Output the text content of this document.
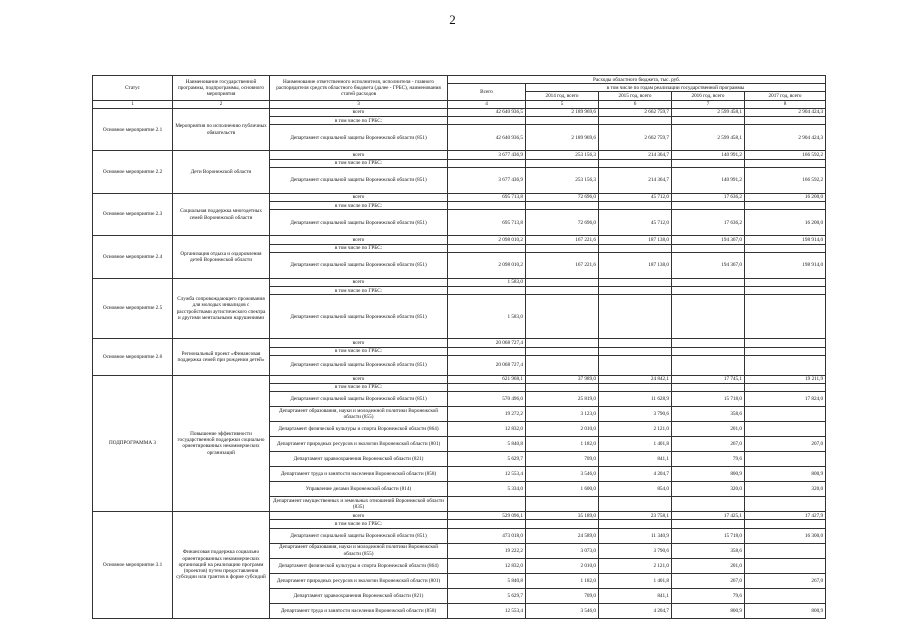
2
Статус	Наименование государственной программы, подпрограммы, основного мероприятия	Наименование ответственного исполнителя, исполнителя - главного распорядителя средств областного бюджета (далее - ГРБС), наименования статей расходов	Расходы областного бюджета, тыс. руб.				
			Всего	в том числе по годам реализации государственной программы			
				2014 год, всего	2015 год, всего	2016 год, всего	2017 год, всего
1	2	3	4	5	6	7	8
Основное мероприятие 2.1	Мероприятия по исполнению публичных обязательств	всего	42 640 936,5	2 189 969,6	2 662 759,7	2 599 458,1	2 904 424,3
		в том числе по ГРБС:					
		Департамент социальной защиты Воронежской области (851)	42 640 936,5	2 189 969,6	2 662 759,7	2 599 458,1	2 904 424,3
Основное мероприятие 2.2	Дети Воронежской области	всего	3 677 436,9	253 156,3	214 364,7	140 991,2	166 592,2
		в том числе по ГРБС:					
		Департамент социальной защиты Воронежской области (851)	3 677 436,9	253 156,3	214 364,7	140 991,2	166 592,2
Основное мероприятие 2.3	Социальная поддержка многодетных семей Воронежской области	всего	695 713,8	72 696,0	45 712,0	17 636,2	16 200,0
		в том числе по ГРБС:					
		Департамент социальной защиты Воронежской области (851)	695 713,8	72 696,0	45 712,0	17 636,2	16 200,0
Основное мероприятие 2.4	Организация отдыха и оздоровления детей Воронежской области	всего	2 098 010,2	167 221,6	187 138,0	194 367,0	198 914,0
		в том числе по ГРБС:					
		Департамент социальной защиты Воронежской области (851)	2 098 010,2	167 221,6	187 138,0	194 367,0	198 914,0
Основное мероприятие 2.5	Служба сопровождающего проживания для молодых инвалидов с расстройствами аутистического спектра и другими ментальными нарушениями	всего	1 583,0				
		в том числе по ГРБС:					
		Департамент социальной защиты Воронежской области (851)	1 583,0				
Основное мероприятие 2.6	Региональный проект «Финансовая поддержка семей при рождении детей»	всего	20 068 727,4				
		в том числе по ГРБС:					
		Департамент социальной защиты Воронежской области (851)	20 068 727,4				
ПОДПРОГРАММА 3	Повышение эффективности государственной поддержки социально ориентированных некоммерческих организаций	всего	621 968,1	37 989,0	24 842,1	17 745,1	19 211,9
		в том числе по ГРБС:					
		Департамент социальной защиты Воронежской области (851)	570 496,0	25 819,0	11 628,9	15 718,0	17 824,0
		Департамент образования, науки и молодежной политики Воронежской области (855)	19 272,2	3 123,0	3 790,6	358,6	
		Департамент физической культуры и спорта Воронежской области (864)	12 832,0	2 010,0	2 121,0	201,0	
		Департамент природных ресурсов и экологии Воронежской области (801)	5 840,8	1 182,0	1 401,8	267,0	207,0
		Департамент здравоохранения Воронежской области (821)	5 629,7	709,0	841,1	79,6	
		Департамент труда и занятости населения Воронежской области (858)	12 553,4	3 546,0	4 204,7	800,9	800,9
		Управление делами Воронежской области (814)	5 334,0	1 600,0	854,0	320,0	320,0
		Департамент имущественных и земельных отношений Воронежской области (835)					
Основное мероприятие 3.1	Финансовая поддержка социально ориентированных некоммерческих организаций на реализацию программ (проектов) путем предоставления субсидии или грантов в форме субсидий	всего	529 096,1	35 189,0	23 758,1	17 425,1	17 427,9
		в том числе по ГРБС:					
		Департамент социальной защиты Воронежской области (851)	473 018,0	24 589,0	11 340,9	15 718,0	16 300,0
		Департамент образования, науки и молодежной политики Воронежской области (855)	19 222,2	3 073,0	3 790,6	358,6	
		Департамент физической культуры и спорта Воронежской области (864)	12 832,0	2 010,0	2 121,0	201,0	
		Департамент природных ресурсов и экологии Воронежской области (801)	5 840,8	1 182,0	1 401,8	267,0	267,0
		Департамент здравоохранения Воронежской области (821)	5 629,7	709,0	841,1	79,6	
		Департамент труда и занятости населения Воронежской области (858)	12 553,4	3 546,0	4 204,7	800,9	800,9
